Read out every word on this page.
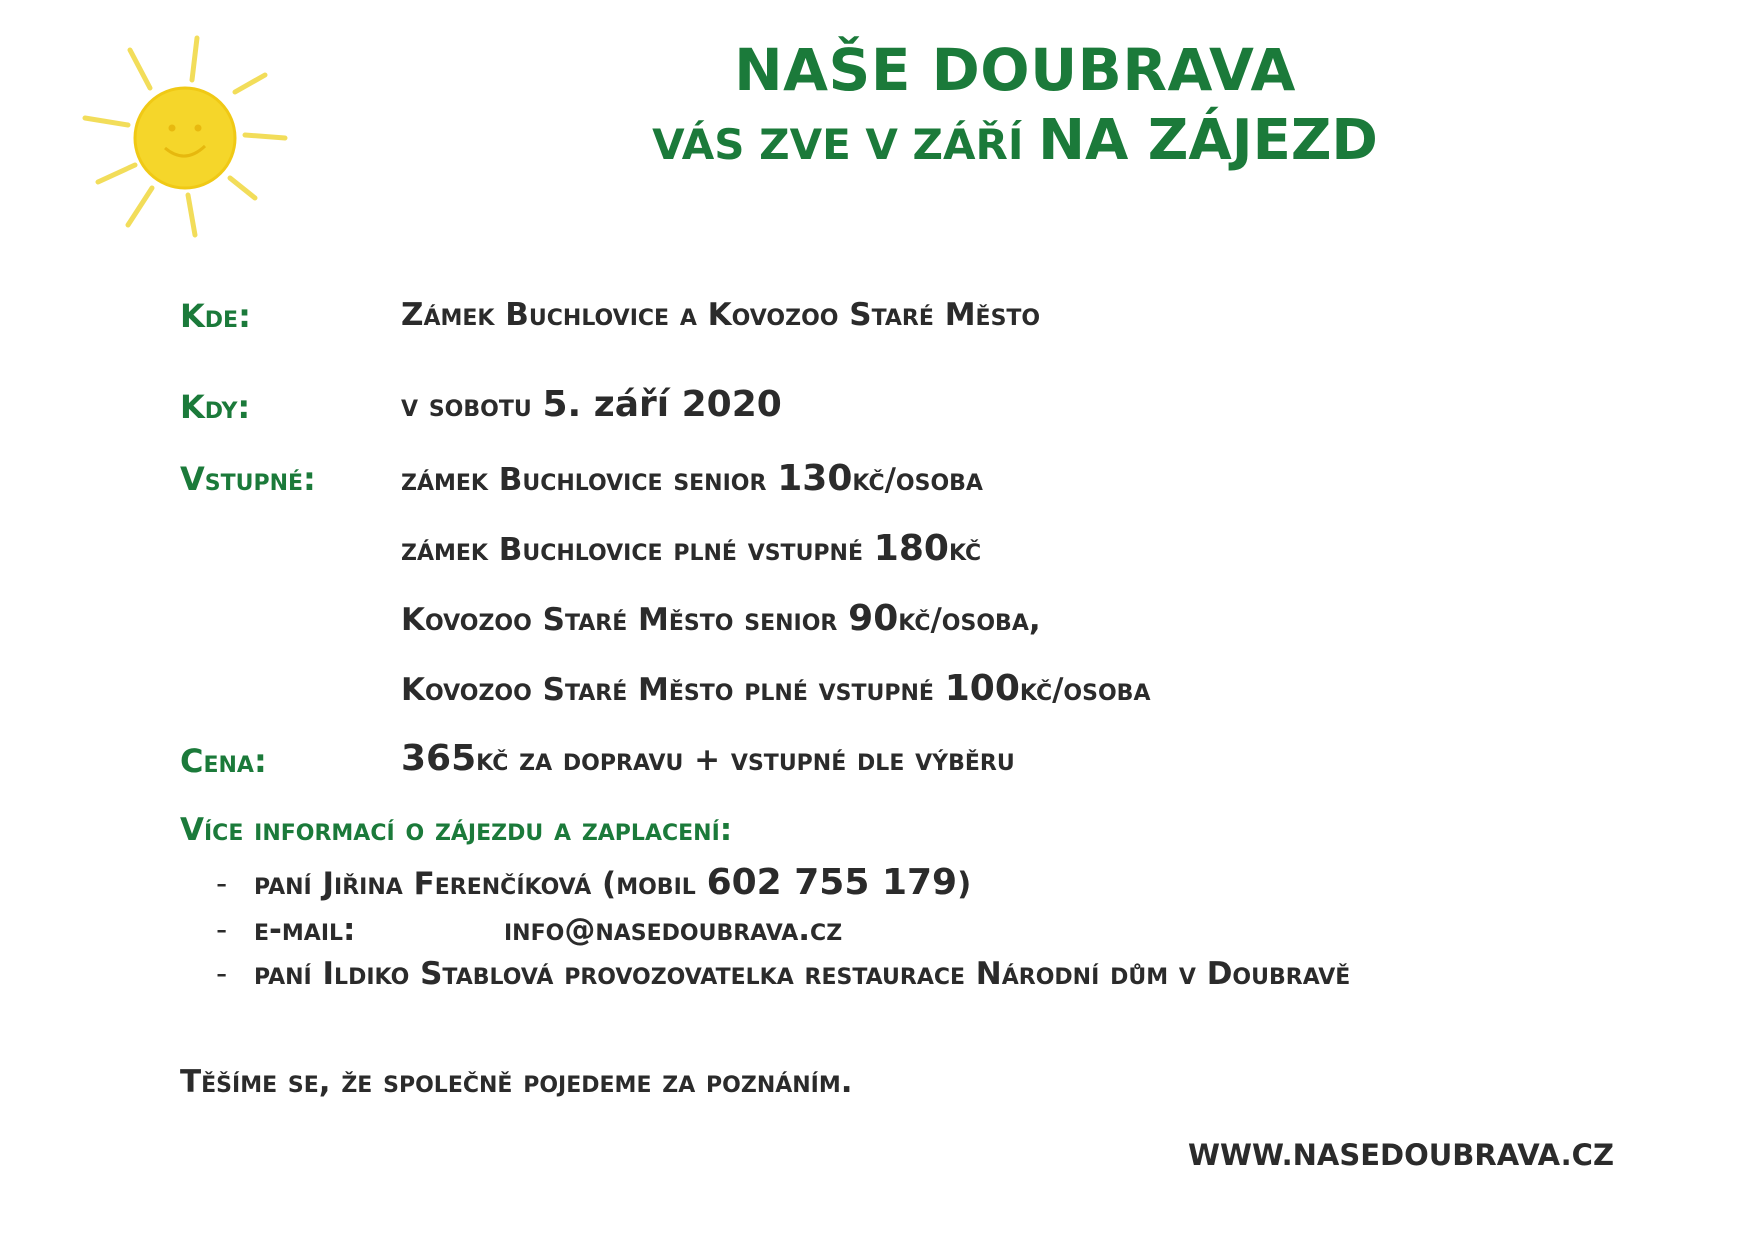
NAŠE DOUBRAVA
VÁS ZVE V ZÁŘÍ NA ZÁJEZD
Kde:	Zámek Buchlovice a Kovozoo Staré Město
Kdy:	v sobotu 5. září 2020
Vstupné:	zámek Buchlovice senior 130kč/osoba
zámek Buchlovice plné vstupné 180kč
Kovozoo Staré Město senior 90kč/osoba,
Kovozoo Staré Město plné vstupné 100kč/osoba
Cena:	365kč za dopravu + vstupné dle výběru
Více informací o zájezdu a zaplacení:
- paní Jiřina Ferenčíková (mobil 602 755 179)
- e-mail:	info@nasedoubrava.cz
- paní Ildiko Stablová provozovatelka restaurace Národní dům v Doubravě
Těšíme se, že společně pojedeme za poznáním.
WWW.NASEDOUBRAVA.CZ
